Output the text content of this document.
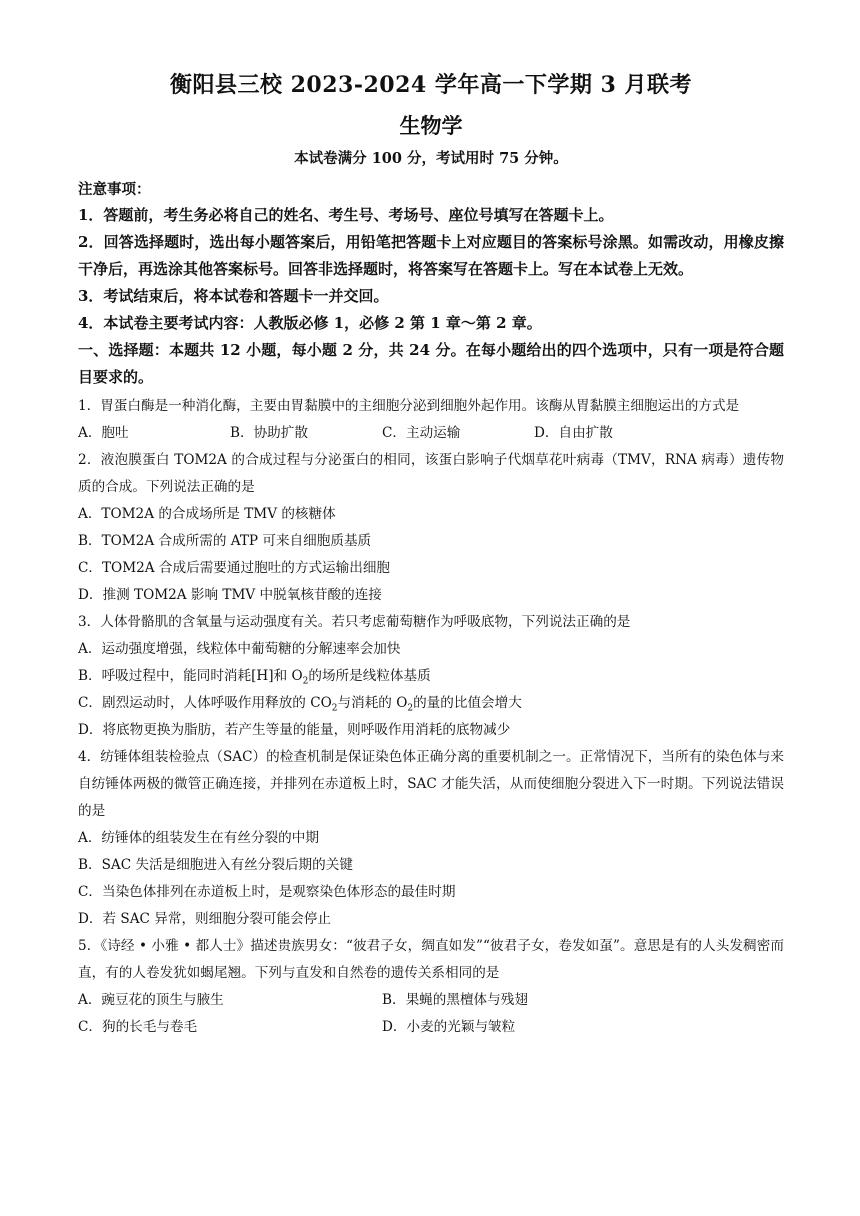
衡阳县三校 2023-2024 学年高一下学期 3 月联考
生物学
本试卷满分 100 分，考试用时 75 分钟。
注意事项：
1．答题前，考生务必将自己的姓名、考生号、考场号、座位号填写在答题卡上。
2．回答选择题时，选出每小题答案后，用铅笔把答题卡上对应题目的答案标号涂黑。如需改动，用橡皮擦干净后，再选涂其他答案标号。回答非选择题时，将答案写在答题卡上。写在本试卷上无效。
3．考试结束后，将本试卷和答题卡一并交回。
4．本试卷主要考试内容：人教版必修 1，必修 2 第 1 章～第 2 章。
一、选择题：本题共 12 小题，每小题 2 分，共 24 分。在每小题给出的四个选项中，只有一项是符合题目要求的。
1．胃蛋白酶是一种消化酶，主要由胃黏膜中的主细胞分泌到细胞外起作用。该酶从胃黏膜主细胞运出的方式是
A．胞吐	B．协助扩散	C．主动运输	D．自由扩散
2．液泡膜蛋白 TOM2A 的合成过程与分泌蛋白的相同，该蛋白影响子代烟草花叶病毒（TMV，RNA 病毒）遗传物质的合成。下列说法正确的是
A．TOM2A 的合成场所是 TMV 的核糖体
B．TOM2A 合成所需的 ATP 可来自细胞质基质
C．TOM2A 合成后需要通过胞吐的方式运输出细胞
D．推测 TOM2A 影响 TMV 中脱氧核苷酸的连接
3．人体骨骼肌的含氧量与运动强度有关。若只考虑葡萄糖作为呼吸底物，下列说法正确的是
A．运动强度增强，线粒体中葡萄糖的分解速率会加快
B．呼吸过程中，能同时消耗[H]和 $O_2$的场所是线粒体基质
C．剧烈运动时，人体呼吸作用释放的 $CO_2$与消耗的 $O_2$的量的比值会增大
D．将底物更换为脂肪，若产生等量的能量，则呼吸作用消耗的底物减少
4．纺锤体组装检验点（SAC）的检查机制是保证染色体正确分离的重要机制之一。正常情况下，当所有的染色体与来自纺锤体两极的微管正确连接，并排列在赤道板上时，SAC 才能失活，从而使细胞分裂进入下一时期。下列说法错误的是
A．纺锤体的组装发生在有丝分裂的中期
B．SAC 失活是细胞进入有丝分裂后期的关键
C．当染色体排列在赤道板上时，是观察染色体形态的最佳时期
D．若 SAC 异常，则细胞分裂可能会停止
5．《诗经 • 小雅 • 都人士》描述贵族男女：“彼君子女，绸直如发”“彼君子女，卷发如虿”。意思是有的人头发稠密而直，有的人卷发犹如蝎尾翘。下列与直发和自然卷的遗传关系相同的是
A．豌豆花的顶生与腋生	B．果蝇的黑檀体与残翅
C．狗的长毛与卷毛	D．小麦的光颖与皱粒
